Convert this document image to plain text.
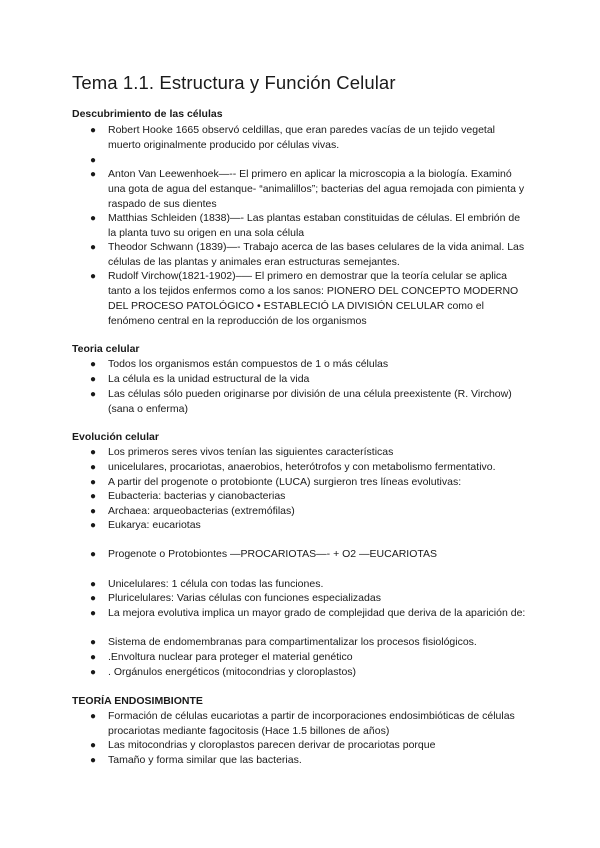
Tema 1.1. Estructura y Función Celular
Descubrimiento de las células
● Robert Hooke 1665 observó celdillas, que eran paredes vacías de un tejido vegetal muerto originalmente producido por células vivas.
●
● Anton Van Leewenhoek—-- El primero en aplicar la microscopia a la biología. Examinó una gota de agua del estanque- “animalillos”; bacterias del agua remojada con pimienta y raspado de sus dientes
● Matthias Schleiden (1838)—- Las plantas estaban constituidas de células. El embrión de la planta tuvo su origen en una sola célula
● Theodor Schwann (1839)—- Trabajo acerca de las bases celulares de la vida animal. Las células de las plantas y animales eran estructuras semejantes.
● Rudolf Virchow(1821-1902)–— El primero en demostrar que la teoría celular se aplica tanto a los tejidos enfermos como a los sanos: PIONERO DEL CONCEPTO MODERNO DEL PROCESO PATOLÓGICO • ESTABLECIÓ LA DIVISIÓN CELULAR como el fenómeno central en la reproducción de los organismos
Teoria celular
● Todos los organismos están compuestos de 1 o más células
● La célula es la unidad estructural de la vida
● Las células sólo pueden originarse por división de una célula preexistente (R. Virchow) (sana o enferma)
Evolución celular
● Los primeros seres vivos tenían las siguientes características
● unicelulares, procariotas, anaerobios, heterótrofos y con metabolismo fermentativo.
● A partir del progenote o protobionte (LUCA) surgieron tres líneas evolutivas:
● Eubacteria: bacterias y cianobacterias
● Archaea: arqueobacterias (extremófilas)
● Eukarya: eucariotas
● Progenote o Protobiontes —PROCARIOTAS—- + O2 —EUCARIOTAS
● Unicelulares: 1 célula con todas las funciones.
● Pluricelulares: Varias células con funciones especializadas
● La mejora evolutiva implica un mayor grado de complejidad que deriva de la aparición de:
● Sistema de endomembranas para compartimentalizar los procesos fisiológicos.
● .Envoltura nuclear para proteger el material genético
● . Orgánulos energéticos (mitocondrias y cloroplastos)
TEORÍA ENDOSIMBIONTE
● Formación de células eucariotas a partir de incorporaciones endosimbióticas de células procariotas mediante fagocitosis (Hace 1.5 billones de años)
● Las mitocondrias y cloroplastos parecen derivar de procariotas porque
● Tamaño y forma similar que las bacterias.
